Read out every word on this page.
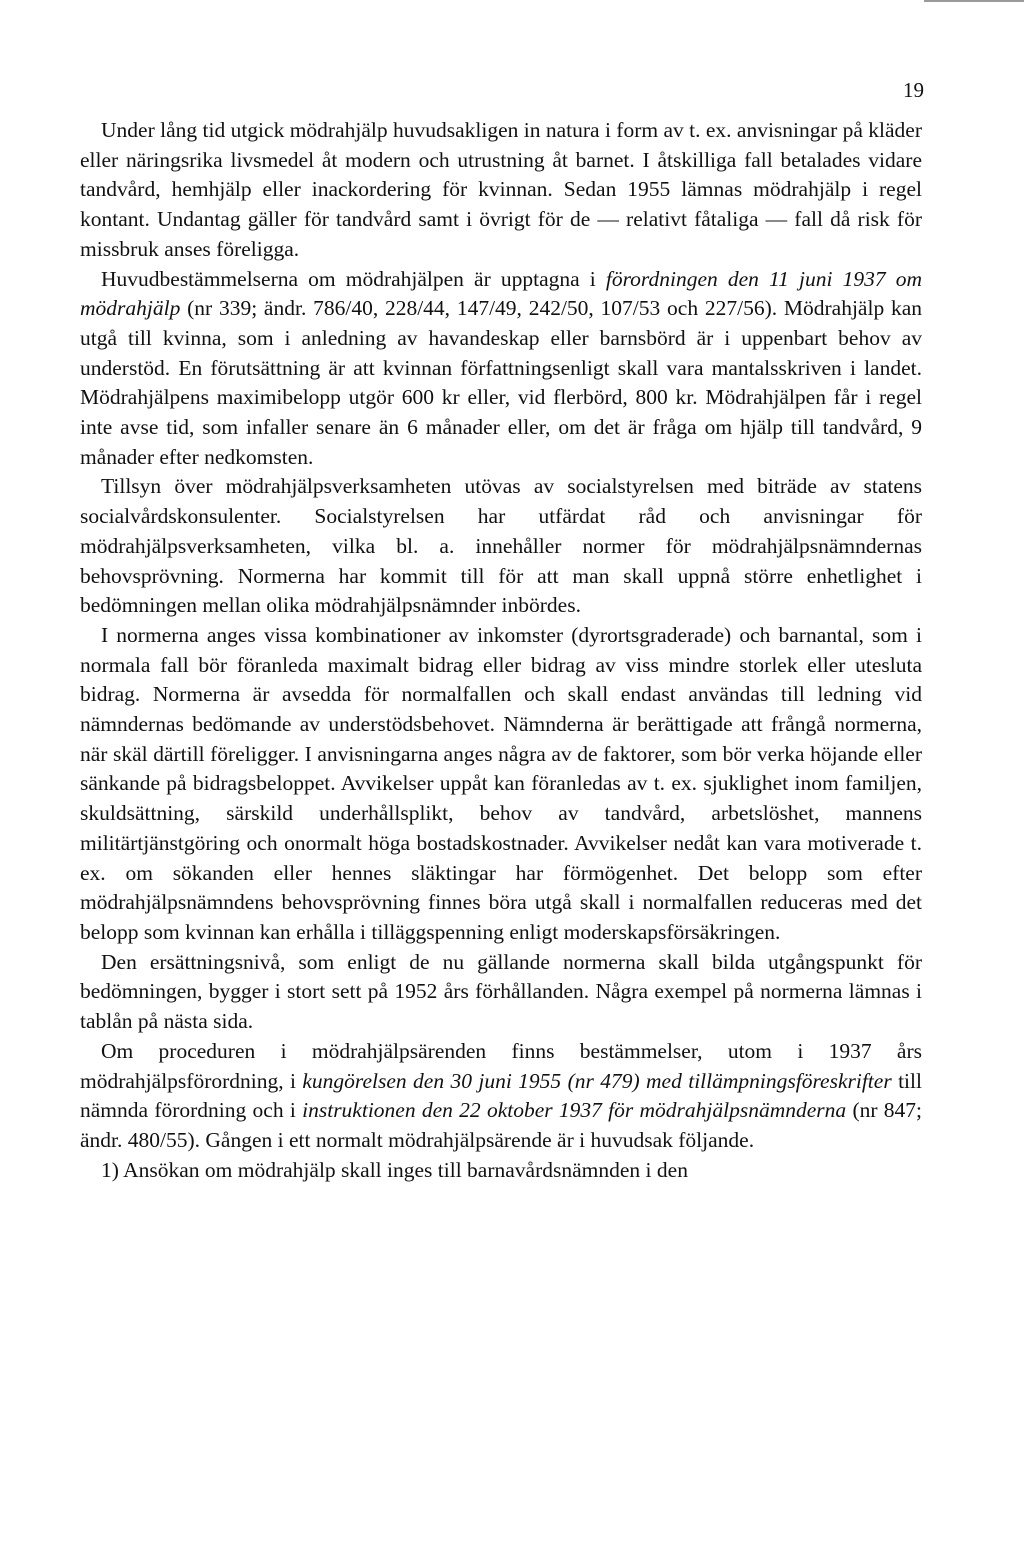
19

Under lång tid utgick mödrahjälp huvudsakligen in natura i form av t. ex. anvisningar på kläder eller näringsrika livsmedel åt modern och utrustning åt barnet. I åtskilliga fall betalades vidare tandvård, hemhjälp eller inackordering för kvinnan. Sedan 1955 lämnas mödrahjälp i regel kontant. Undantag gäller för tandvård samt i övrigt för de — relativt fåtaliga — fall då risk för missbruk anses föreligga.

Huvudbestämmelserna om mödrahjälpen är upptagna i förordningen den 11 juni 1937 om mödrahjälp (nr 339; ändr. 786/40, 228/44, 147/49, 242/50, 107/53 och 227/56). Mödrahjälp kan utgå till kvinna, som i anledning av havandeskap eller barnsbörd är i uppenbart behov av understöd. En förutsättning är att kvinnan författningsenligt skall vara mantalsskriven i landet. Mödrahjälpens maximibelopp utgör 600 kr eller, vid flerbörd, 800 kr. Mödrahjälpen får i regel inte avse tid, som infaller senare än 6 månader eller, om det är fråga om hjälp till tandvård, 9 månader efter nedkomsten.

Tillsyn över mödrahjälpsverksamheten utövas av socialstyrelsen med biträde av statens socialvårdskonsulenter. Socialstyrelsen har utfärdat råd och anvisningar för mödrahjälpsverksamheten, vilka bl. a. innehåller normer för mödrahjälpsnämndernas behovsprövning. Normerna har kommit till för att man skall uppnå större enhetlighet i bedömningen mellan olika mödrahjälpsnämnder inbördes.

I normerna anges vissa kombinationer av inkomster (dyrortsgraderade) och barnantal, som i normala fall bör föranleda maximalt bidrag eller bidrag av viss mindre storlek eller utesluta bidrag. Normerna är avsedda för normalfallen och skall endast användas till ledning vid nämndernas bedömande av understödsbehovet. Nämnderna är berättigade att frångå normerna, när skäl därtill föreligger. I anvisningarna anges några av de faktorer, som bör verka höjande eller sänkande på bidragsbeloppet. Avvikelser uppåt kan föranledas av t. ex. sjuklighet inom familjen, skuldsättning, särskild underhållsplikt, behov av tandvård, arbetslöshet, mannens militärtjänstgöring och onormalt höga bostadskostnader. Avvikelser nedåt kan vara motiverade t. ex. om sökanden eller hennes släktingar har förmögenhet. Det belopp som efter mödrahjälpsnämndens behovsprövning finnes böra utgå skall i normalfallen reduceras med det belopp som kvinnan kan erhålla i tilläggspenning enligt moderskapsförsäkringen.

Den ersättningsnivå, som enligt de nu gällande normerna skall bilda utgångspunkt för bedömningen, bygger i stort sett på 1952 års förhållanden. Några exempel på normerna lämnas i tablån på nästa sida.

Om proceduren i mödrahjälpsärenden finns bestämmelser, utom i 1937 års mödrahjälpsförordning, i kungörelsen den 30 juni 1955 (nr 479) med tillämpningsföreskrifter till nämnda förordning och i instruktionen den 22 oktober 1937 för mödrahjälpsnämnderna (nr 847; ändr. 480/55). Gången i ett normalt mödrahjälpsärende är i huvudsak följande.

1) Ansökan om mödrahjälp skall inges till barnavårdsnämnden i den
